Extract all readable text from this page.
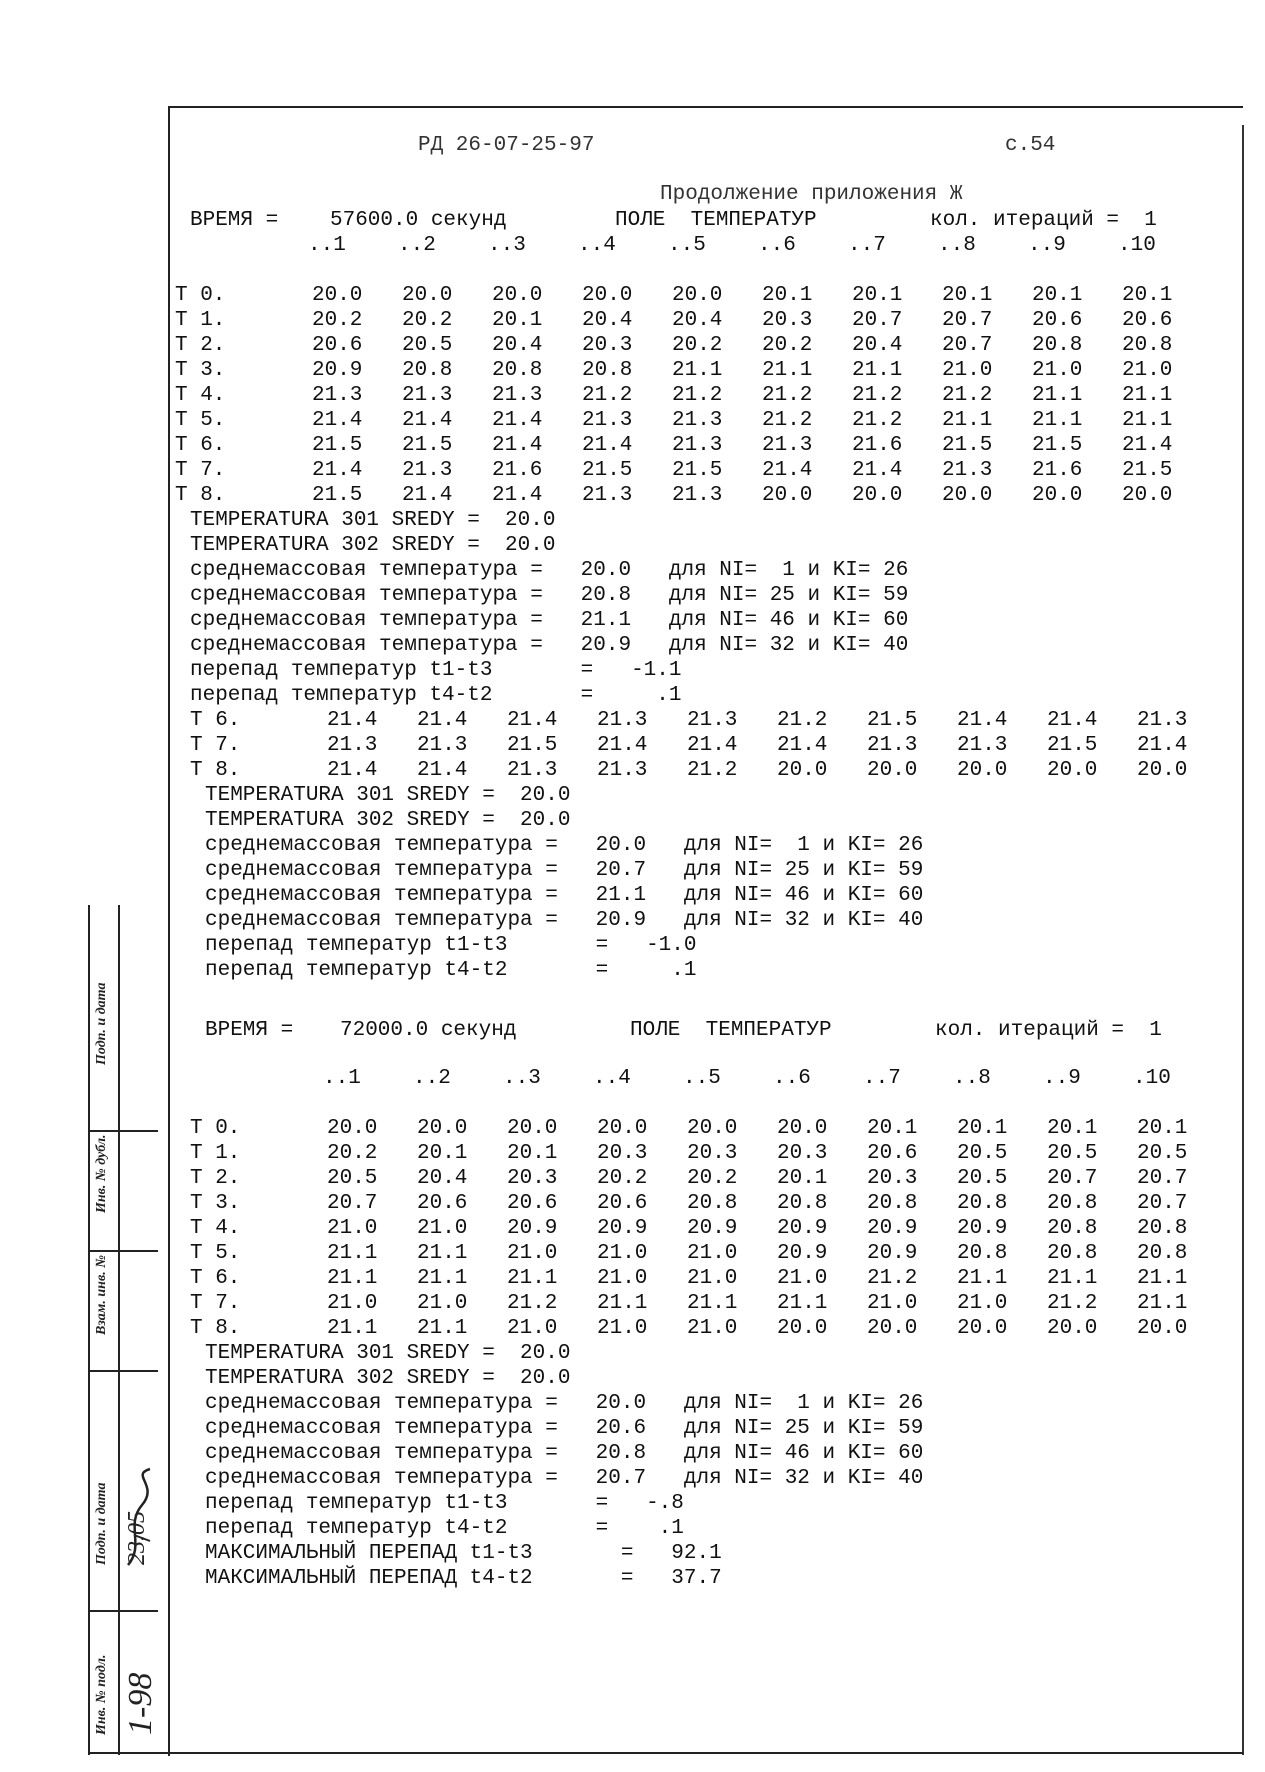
РД 26-07-25-97	с.54
Продолжение приложения Ж
ВРЕМЯ = 57600.0 секунд	ПОЛЕ  ТЕМПЕРАТУР	кол. итераций =  1
..1 ..2 ..3 ..4 ..5 ..6 ..7 ..8 ..9 .10
T 0.	20.0 20.0 20.0 20.0 20.0 20.1 20.1 20.1 20.1 20.1
T 1.	20.2 20.2 20.1 20.4 20.4 20.3 20.7 20.7 20.6 20.6
T 2.	20.6 20.5 20.4 20.3 20.2 20.2 20.4 20.7 20.8 20.8
T 3.	20.9 20.8 20.8 20.8 21.1 21.1 21.1 21.0 21.0 21.0
T 4.	21.3 21.3 21.3 21.2 21.2 21.2 21.2 21.2 21.1 21.1
T 5.	21.4 21.4 21.4 21.3 21.3 21.2 21.2 21.1 21.1 21.1
T 6.	21.5 21.5 21.4 21.4 21.3 21.3 21.6 21.5 21.5 21.4
T 7.	21.4 21.3 21.6 21.5 21.5 21.4 21.4 21.3 21.6 21.5
T 8.	21.5 21.4 21.4 21.3 21.3 20.0 20.0 20.0 20.0 20.0
TEMPERATURA 301 SREDY =  20.0
TEMPERATURA 302 SREDY =  20.0
среднемассовая температура =   20.0   для NI=  1 и KI= 26
среднемассовая температура =   20.8   для NI= 25 и KI= 59
среднемассовая температура =   21.1   для NI= 46 и KI= 60
среднемассовая температура =   20.9   для NI= 32 и KI= 40
перепад температур t1-t3       =   -1.1
перепад температур t4-t2       =     .1
T 6.	21.4 21.4 21.4 21.3 21.3 21.2 21.5 21.4 21.4 21.3
T 7.	21.3 21.3 21.5 21.4 21.4 21.4 21.3 21.3 21.5 21.4
T 8.	21.4 21.4 21.3 21.3 21.2 20.0 20.0 20.0 20.0 20.0
TEMPERATURA 301 SREDY =  20.0
TEMPERATURA 302 SREDY =  20.0
среднемассовая температура =   20.0   для NI=  1 и KI= 26
среднемассовая температура =   20.7   для NI= 25 и KI= 59
среднемассовая температура =   21.1   для NI= 46 и KI= 60
среднемассовая температура =   20.9   для NI= 32 и KI= 40
перепад температур t1-t3       =   -1.0
перепад температур t4-t2       =     .1
ВРЕМЯ = 72000.0 секунд	ПОЛЕ  ТЕМПЕРАТУР	кол. итераций =  1
..1 ..2 ..3 ..4 ..5 ..6 ..7 ..8 ..9 .10
T 0.	20.0 20.0 20.0 20.0 20.0 20.0 20.1 20.1 20.1 20.1
T 1.	20.2 20.1 20.1 20.3 20.3 20.3 20.6 20.5 20.5 20.5
T 2.	20.5 20.4 20.3 20.2 20.2 20.1 20.3 20.5 20.7 20.7
T 3.	20.7 20.6 20.6 20.6 20.8 20.8 20.8 20.8 20.8 20.7
T 4.	21.0 21.0 20.9 20.9 20.9 20.9 20.9 20.9 20.8 20.8
T 5.	21.1 21.1 21.0 21.0 21.0 20.9 20.9 20.8 20.8 20.8
T 6.	21.1 21.1 21.1 21.0 21.0 21.0 21.2 21.1 21.1 21.1
T 7.	21.0 21.0 21.2 21.1 21.1 21.1 21.0 21.0 21.2 21.1
T 8.	21.1 21.1 21.0 21.0 21.0 20.0 20.0 20.0 20.0 20.0
TEMPERATURA 301 SREDY =  20.0
TEMPERATURA 302 SREDY =  20.0
среднемассовая температура =   20.0   для NI=  1 и KI= 26
среднемассовая температура =   20.6   для NI= 25 и KI= 59
среднемассовая температура =   20.8   для NI= 46 и KI= 60
среднемассовая температура =   20.7   для NI= 32 и KI= 40
перепад температур t1-t3       =   -.8
перепад температур t4-t2       =    .1
МАКСИМАЛЬНЫЙ ПЕРЕПАД t1-t3       =   92.1
МАКСИМАЛЬНЫЙ ПЕРЕПАД t4-t2       =   37.7
Подп. и дата
Инв. № дубл.
Взам. инв. №
Подп. и дата
Инв. № подл. 1-98
23.05
